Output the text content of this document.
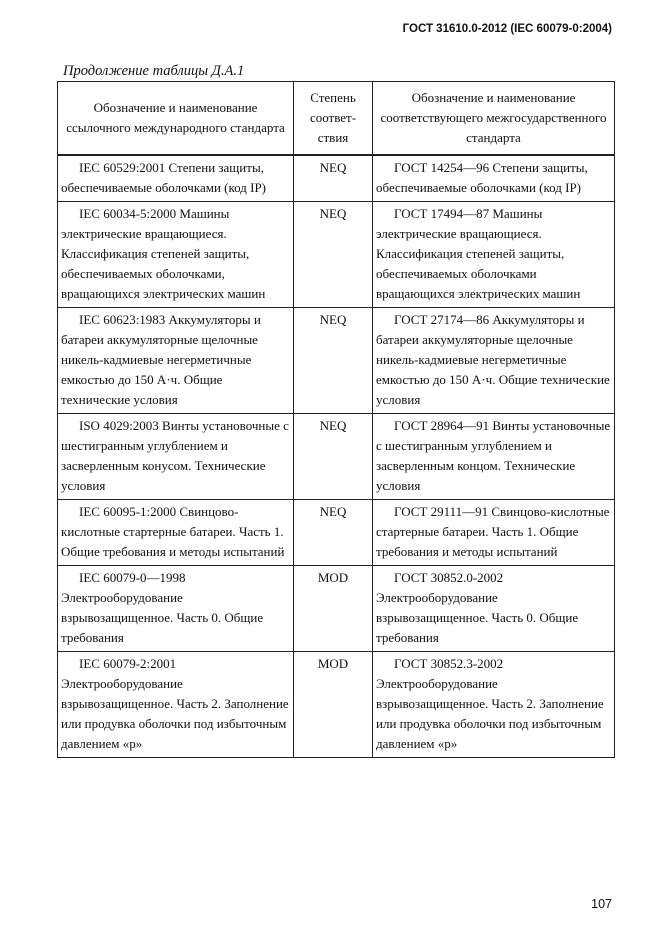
ГОСТ 31610.0-2012 (IEC 60079-0:2004)
Продолжение таблицы Д.А.1
Обозначение и наименование ссылочного международного стандарта	Степень соответ-ствия	Обозначение и наименование соответствующего межгосударственного стандарта
IEC 60529:2001 Степени защиты, обеспечиваемые оболочками (код IP)	NEQ	ГОСТ 14254—96 Степени защиты, обеспечиваемые оболочками (код IP)
IEC 60034-5:2000 Машины электрические вращающиеся. Классификация степеней защиты, обеспечиваемых оболочками, вращающихся электрических машин	NEQ	ГОСТ 17494—87 Машины электрические вращающиеся. Классификация степеней защиты, обеспечиваемых оболочками вращающихся электрических машин
IEC 60623:1983 Аккумуляторы и батареи аккумуляторные щелочные никель-кадмиевые негерметичные емкостью до 150 А·ч. Общие технические условия	NEQ	ГОСТ 27174—86 Аккумуляторы и батареи аккумуляторные щелочные никель-кадмиевые негерметичные емкостью до 150 А·ч. Общие технические условия
ISO 4029:2003 Винты установочные с шестигранным углублением и засверленным конусом. Технические условия	NEQ	ГОСТ 28964—91 Винты установочные с шестигранным углублением и засверленным концом. Технические условия
IEC 60095-1:2000 Свинцово-кислотные стартерные батареи. Часть 1. Общие требования и методы испытаний	NEQ	ГОСТ 29111—91 Свинцово-кислотные стартерные батареи. Часть 1. Общие требования и методы испытаний
IEC 60079-0—1998 Электрооборудование взрывозащищенное. Часть 0. Общие требования	MOD	ГОСТ 30852.0-2002 Электрооборудование взрывозащищенное. Часть 0. Общие требования
IEC 60079-2:2001 Электрооборудование взрывозащищенное. Часть 2. Заполнение или продувка оболочки под избыточным давлением «р»	MOD	ГОСТ 30852.3-2002 Электрооборудование взрывозащищенное. Часть 2. Заполнение или продувка оболочки под избыточным давлением «р»
107
